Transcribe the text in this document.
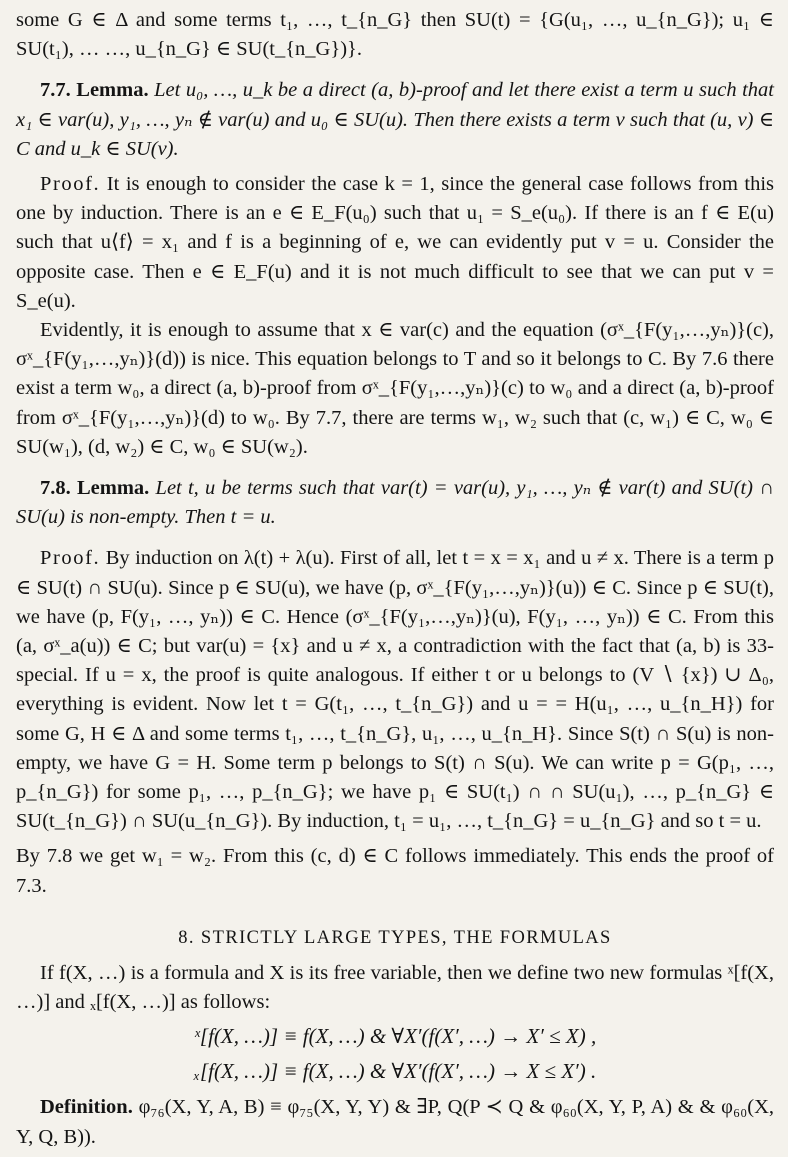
some G ∈ Δ and some terms t₁, …, t_{n_G} then SU(t) = {G(u₁, …, u_{n_G}); u₁ ∈ SU(t₁), … …, u_{n_G} ∈ SU(t_{n_G})}.

7.7. Lemma. Let u₀, …, u_k be a direct (a, b)-proof and let there exist a term u such that x₁ ∈ var(u), y₁, …, yₙ ∉ var(u) and u₀ ∈ SU(u). Then there exists a term v such that (u, v) ∈ C and u_k ∈ SU(v).

Proof. It is enough to consider the case k = 1, since the general case follows from this one by induction. There is an e ∈ E_F(u₀) such that u₁ = S_e(u₀). If there is an f ∈ E(u) such that u⟨f⟩ = x₁ and f is a beginning of e, we can evidently put v = u. Consider the opposite case. Then e ∈ E_F(u) and it is not much difficult to see that we can put v = S_e(u).

Evidently, it is enough to assume that x ∈ var(c) and the equation (σˣ_{F(y₁,…,yₙ)}(c), σˣ_{F(y₁,…,yₙ)}(d)) is nice. This equation belongs to T and so it belongs to C. By 7.6 there exist a term w₀, a direct (a, b)-proof from σˣ_{F(y₁,…,yₙ)}(c) to w₀ and a direct (a, b)-proof from σˣ_{F(y₁,…,yₙ)}(d) to w₀. By 7.7, there are terms w₁, w₂ such that (c, w₁) ∈ C, w₀ ∈ SU(w₁), (d, w₂) ∈ C, w₀ ∈ SU(w₂).

7.8. Lemma. Let t, u be terms such that var(t) = var(u), y₁, …, yₙ ∉ var(t) and SU(t) ∩ SU(u) is non-empty. Then t = u.

Proof. By induction on λ(t) + λ(u). First of all, let t = x = x₁ and u ≠ x. There is a term p ∈ SU(t) ∩ SU(u). Since p ∈ SU(u), we have (p, σˣ_{F(y₁,…,yₙ)}(u)) ∈ C. Since p ∈ SU(t), we have (p, F(y₁, …, yₙ)) ∈ C. Hence (σˣ_{F(y₁,…,yₙ)}(u), F(y₁, …, yₙ)) ∈ C. From this (a, σˣ_a(u)) ∈ C; but var(u) = {x} and u ≠ x, a contradiction with the fact that (a, b) is 33-special. If u = x, the proof is quite analogous. If either t or u belongs to (V ∖ {x}) ∪ Δ₀, everything is evident. Now let t = G(t₁, …, t_{n_G}) and u = = H(u₁, …, u_{n_H}) for some G, H ∈ Δ and some terms t₁, …, t_{n_G}, u₁, …, u_{n_H}. Since S(t) ∩ S(u) is non-empty, we have G = H. Some term p belongs to S(t) ∩ S(u). We can write p = G(p₁, …, p_{n_G}) for some p₁, …, p_{n_G}; we have p₁ ∈ SU(t₁) ∩ ∩ SU(u₁), …, p_{n_G} ∈ SU(t_{n_G}) ∩ SU(u_{n_G}). By induction, t₁ = u₁, …, t_{n_G} = u_{n_G} and so t = u.

By 7.8 we get w₁ = w₂. From this (c, d) ∈ C follows immediately. This ends the proof of 7.3.

8. STRICTLY LARGE TYPES, THE FORMULAS

If f(X, …) is a formula and X is its free variable, then we define two new formulas ˣ[f(X, …)] and ₓ[f(X, …)] as follows:

ˣ[f(X, …)] ≡ f(X, …) & ∀X′(f(X′, …) → X′ ≤ X) ,
ₓ[f(X, …)] ≡ f(X, …) & ∀X′(f(X′, …) → X ≤ X′) .

Definition. φ₇₆(X, Y, A, B) ≡ φ₇₅(X, Y, Y) & ∃P, Q(P ≺ Q & φ₆₀(X, Y, P, A) & & φ₆₀(X, Y, Q, B)).
